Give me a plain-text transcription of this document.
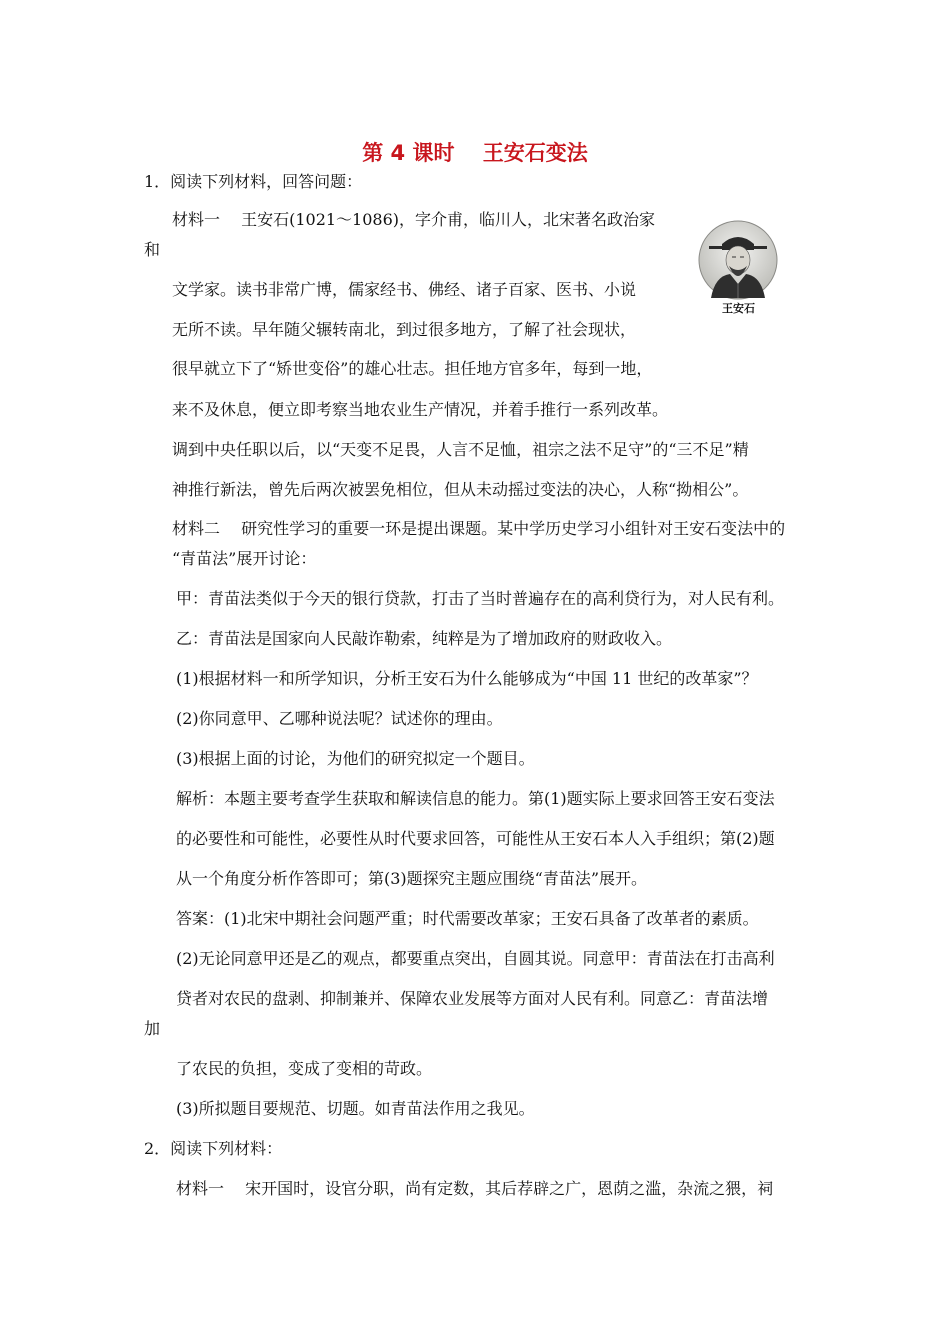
第 4 课时　 王安石变法
1．阅读下列材料，回答问题：
材料一　 王安石(1021～1086)，字介甫，临川人，北宋著名政治家
和
文学家。读书非常广博，儒家经书、佛经、诸子百家、医书、小说
无所不读。早年随父辗转南北，到过很多地方，了解了社会现状，
很早就立下了“矫世变俗”的雄心壮志。担任地方官多年，每到一地，
来不及休息，便立即考察当地农业生产情况，并着手推行一系列改革。
调到中央任职以后，以“天变不足畏，人言不足恤，祖宗之法不足守”的“三不足”精
神推行新法，曾先后两次被罢免相位，但从未动摇过变法的决心，人称“拗相公”。
材料二　 研究性学习的重要一环是提出课题。某中学历史学习小组针对王安石变法中的
“青苗法”展开讨论：
甲：青苗法类似于今天的银行贷款，打击了当时普遍存在的高利贷行为，对人民有利。
乙：青苗法是国家向人民敲诈勒索，纯粹是为了增加政府的财政收入。
(1)根据材料一和所学知识，分析王安石为什么能够成为“中国 11 世纪的改革家”？
(2)你同意甲、乙哪种说法呢？试述你的理由。
(3)根据上面的讨论，为他们的研究拟定一个题目。
解析：本题主要考查学生获取和解读信息的能力。第(1)题实际上要求回答王安石变法
的必要性和可能性，必要性从时代要求回答，可能性从王安石本人入手组织；第(2)题
从一个角度分析作答即可；第(3)题探究主题应围绕“青苗法”展开。
答案：(1)北宋中期社会问题严重；时代需要改革家；王安石具备了改革者的素质。
(2)无论同意甲还是乙的观点，都要重点突出，自圆其说。同意甲：青苗法在打击高利
贷者对农民的盘剥、抑制兼并、保障农业发展等方面对人民有利。同意乙：青苗法增
加
了农民的负担，变成了变相的苛政。
(3)所拟题目要规范、切题。如青苗法作用之我见。
2．阅读下列材料：
材料一　 宋开国时，设官分职，尚有定数，其后荐辟之广，恩荫之滥，杂流之猥，祠
王安石
